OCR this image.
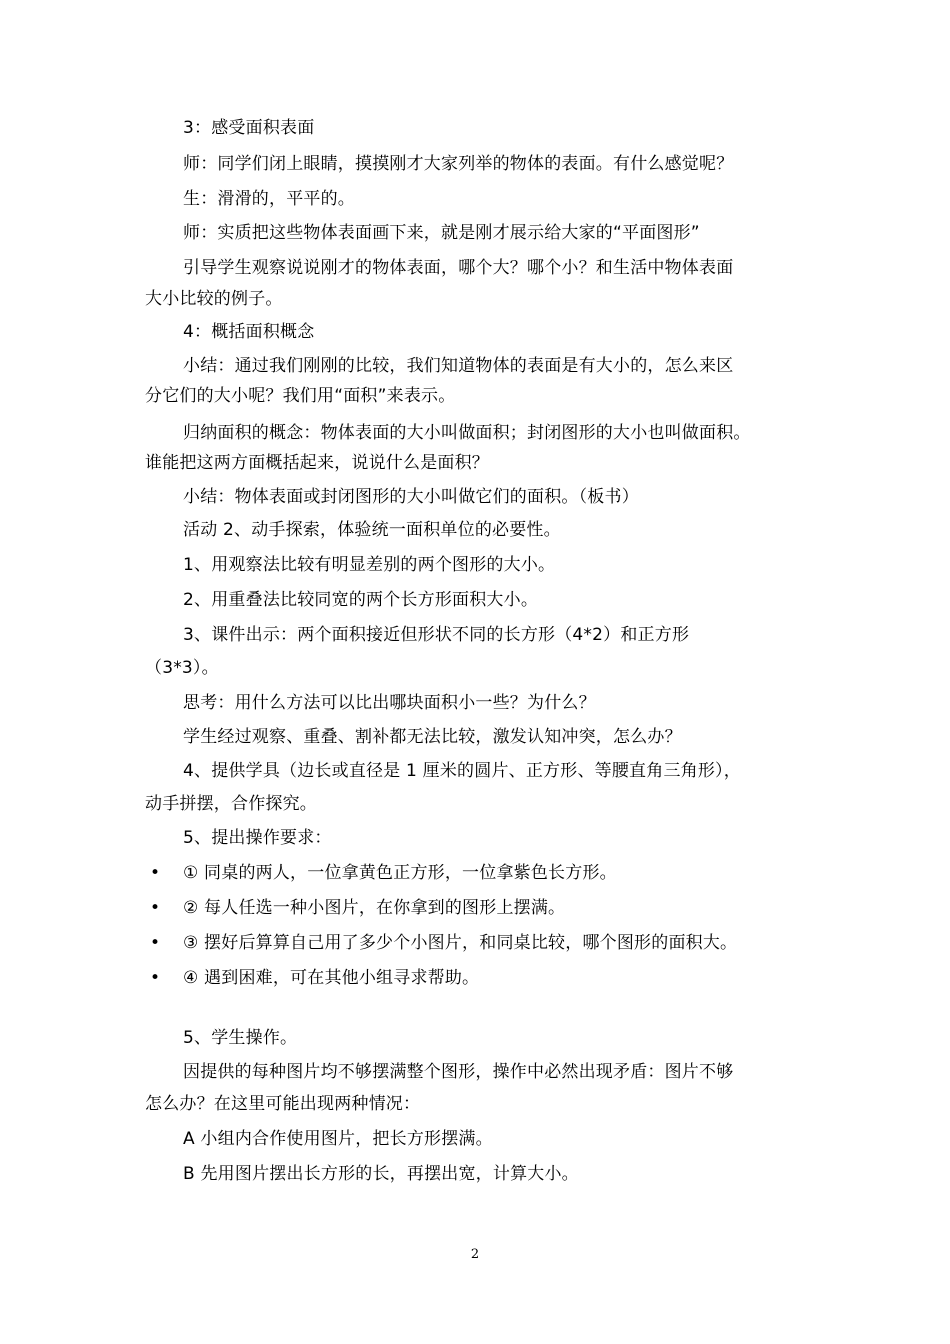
3：感受面积表面
师：同学们闭上眼睛，摸摸刚才大家列举的物体的表面。有什么感觉呢？
生：滑滑的，平平的。
师：实质把这些物体表面画下来，就是刚才展示给大家的“平面图形”
引导学生观察说说刚才的物体表面，哪个大？哪个小？和生活中物体表面
大小比较的例子。
4：概括面积概念
小结：通过我们刚刚的比较，我们知道物体的表面是有大小的，怎么来区
分它们的大小呢？我们用“面积”来表示。
归纳面积的概念：物体表面的大小叫做面积；封闭图形的大小也叫做面积。
谁能把这两方面概括起来，说说什么是面积？
小结：物体表面或封闭图形的大小叫做它们的面积。（板书）
活动 2、动手探索，体验统一面积单位的必要性。
1、用观察法比较有明显差别的两个图形的大小。
2、用重叠法比较同宽的两个长方形面积大小。
3、课件出示：两个面积接近但形状不同的长方形（4*2）和正方形
（3*3）。
思考：用什么方法可以比出哪块面积小一些？为什么？
学生经过观察、重叠、割补都无法比较，激发认知冲突，怎么办？
4、提供学具（边长或直径是 1 厘米的圆片、正方形、等腰直角三角形），
动手拼摆，合作探究。
5、提出操作要求：
• ① 同桌的两人，一位拿黄色正方形，一位拿紫色长方形。
• ② 每人任选一种小图片，在你拿到的图形上摆满。
• ③ 摆好后算算自己用了多少个小图片，和同桌比较，哪个图形的面积大。
• ④ 遇到困难，可在其他小组寻求帮助。
5、学生操作。
因提供的每种图片均不够摆满整个图形，操作中必然出现矛盾：图片不够
怎么办？在这里可能出现两种情况：
A 小组内合作使用图片，把长方形摆满。
B 先用图片摆出长方形的长，再摆出宽，计算大小。
2
